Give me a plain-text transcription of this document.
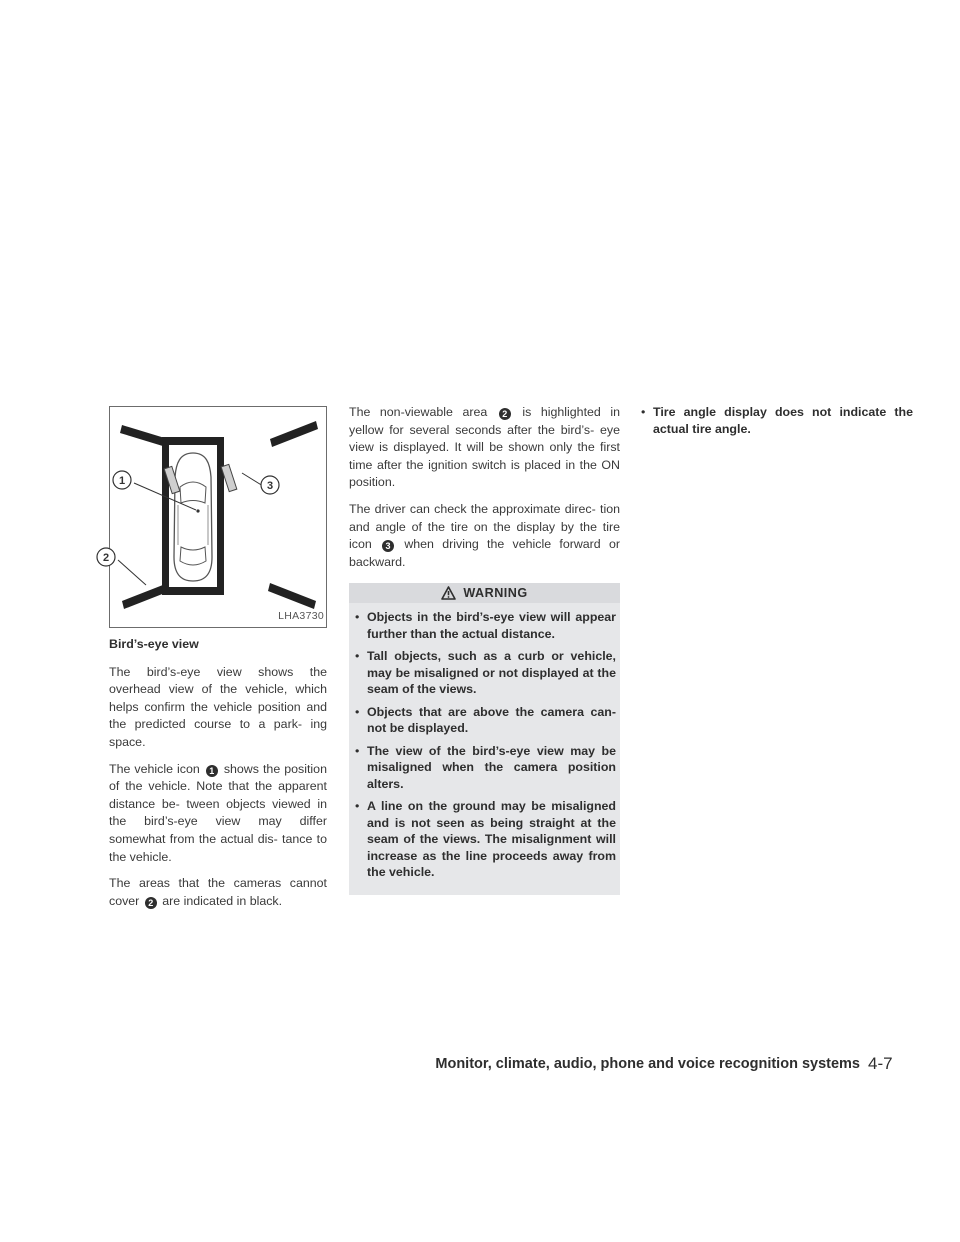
1	3
2
LHA3730

Bird’s-eye view

The bird’s-eye view shows the overhead view of the vehicle, which helps confirm the vehicle position and the predicted course to a park- ing space.

The vehicle icon 1 shows the position of the vehicle. Note that the apparent distance be- tween objects viewed in the bird’s-eye view may differ somewhat from the actual dis- tance to the vehicle.

The areas that the cameras cannot cover 2 are indicated in black.

The non-viewable area 2 is highlighted in yellow for several seconds after the bird’s- eye view is displayed. It will be shown only the first time after the ignition switch is placed in the ON position.

The driver can check the approximate direc- tion and angle of the tire on the display by the tire icon 3 when driving the vehicle forward or backward.

WARNING
• Objects in the bird’s-eye view will appear further than the actual distance.
• Tall objects, such as a curb or vehicle, may be misaligned or not displayed at the seam of the views.
• Objects that are above the camera can- not be displayed.
• The view of the bird’s-eye view may be misaligned when the camera position alters.
• A line on the ground may be misaligned and is not seen as being straight at the seam of the views. The misalignment will increase as the line proceeds away from the vehicle.
• Tire angle display does not indicate the actual tire angle.
Monitor, climate, audio, phone and voice recognition systems 4-7
